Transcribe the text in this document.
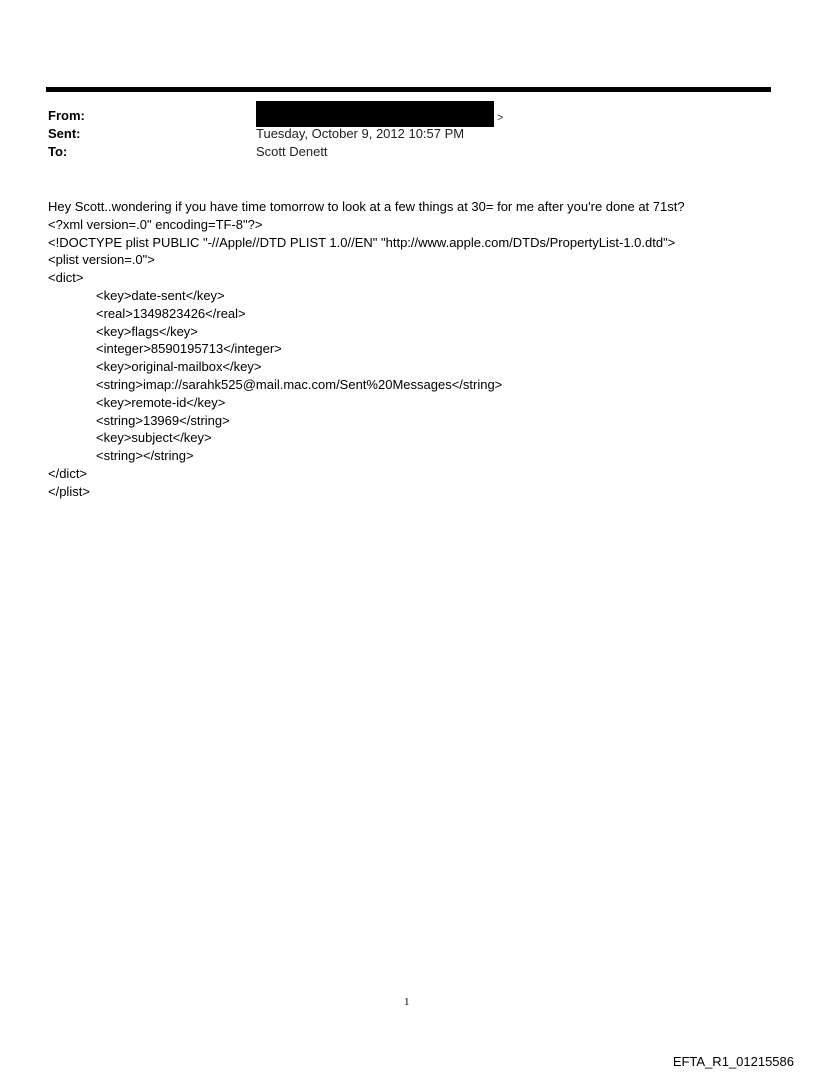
From:	>
Sent:	Tuesday, October 9, 2012 10:57 PM
To:	Scott Denett
Hey Scott..wondering if you have time tomorrow to look at a few things at 30= for me after you're done at 71st?
<?xml version=.0" encoding=TF-8"?>
<!DOCTYPE plist PUBLIC "-//Apple//DTD PLIST 1.0//EN" "http://www.apple.com/DTDs/PropertyList-1.0.dtd">
<plist version=.0">
<dict>
<key>date-sent</key>
<real>1349823426</real>
<key>flags</key>
<integer>8590195713</integer>
<key>original-mailbox</key>
<string>imap://sarahk525@mail.mac.com/Sent%20Messages</string>
<key>remote-id</key>
<string>13969</string>
<key>subject</key>
<string></string>
</dict>
</plist>
1
EFTA_R1_01215586
